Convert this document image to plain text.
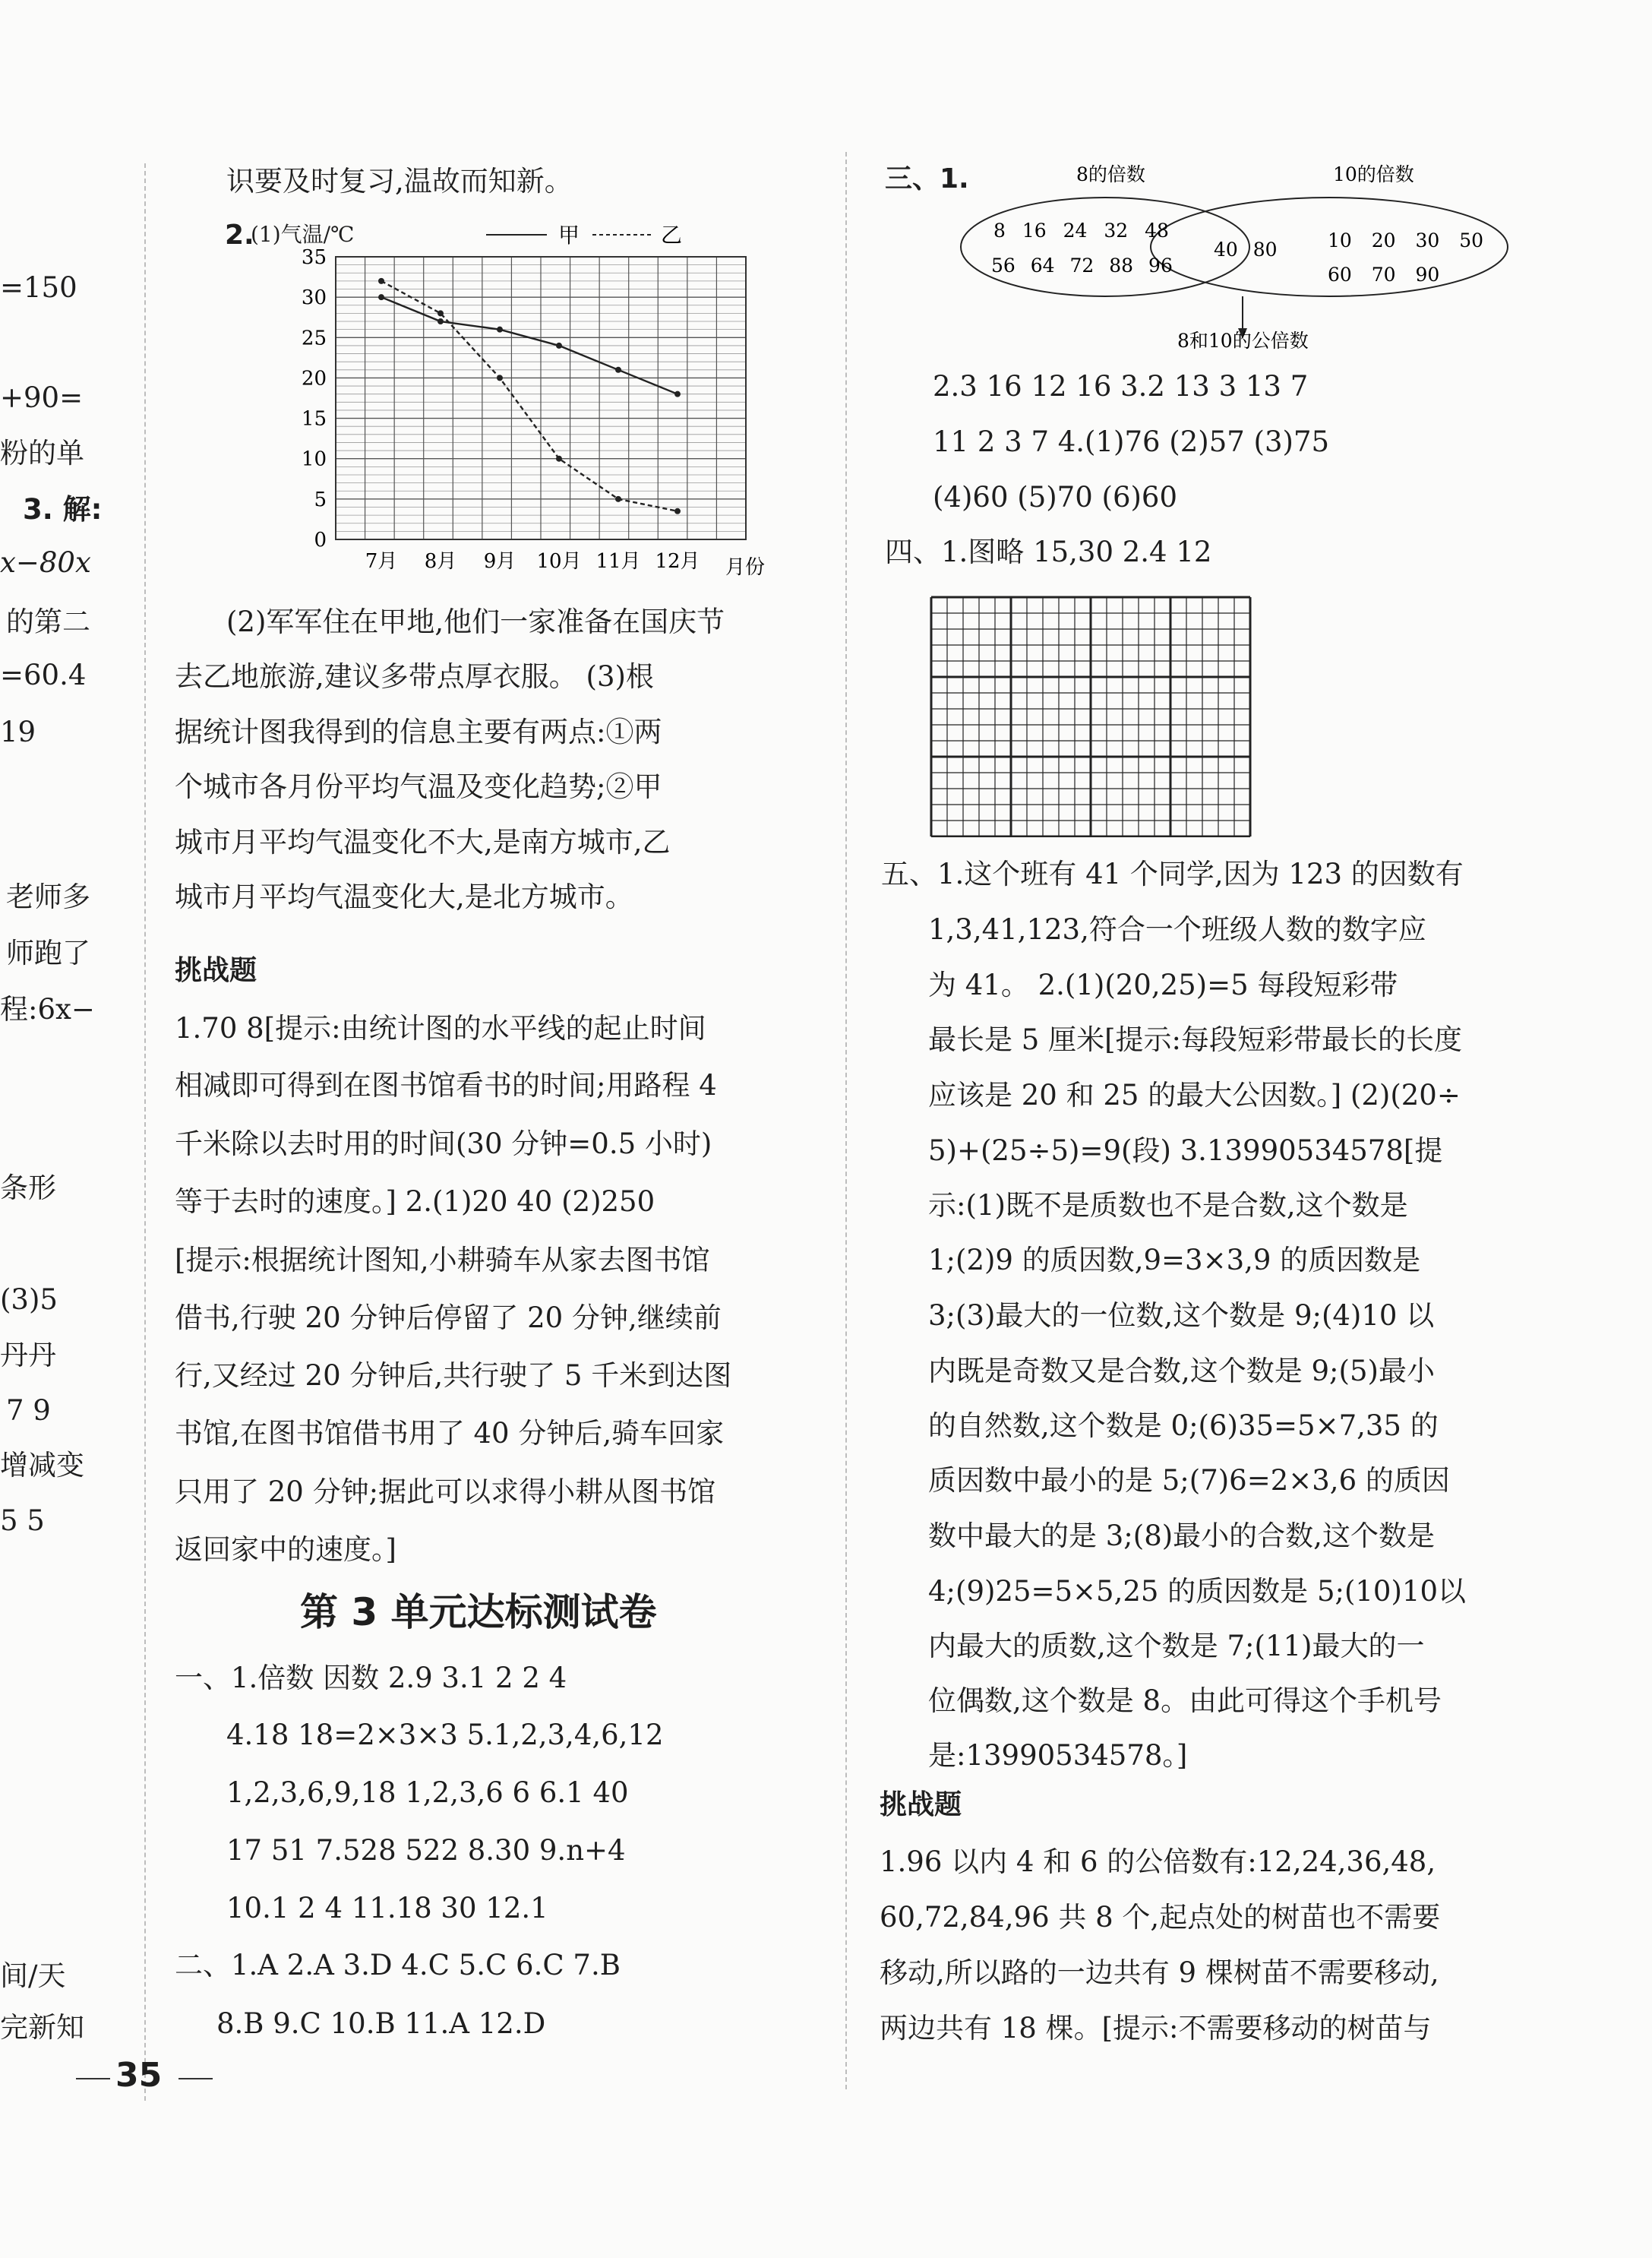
=150
+90=
粉的单
3. 解:
x−80x
的第二
=60.4
19
老师多
师跑了
程:6x−
条形
(3)5
丹丹
7 9
增减变
5 5
间/天
完新知
35
识要及时复习,温故而知新。
2.
(1)气温/℃	甲	乙
0
5
10
15
20
25
30
35
7月 8月 9月 10月 11月 12月 月份
(2)军军住在甲地,他们一家准备在国庆节
去乙地旅游,建议多带点厚衣服。 (3)根
据统计图我得到的信息主要有两点:①两
个城市各月份平均气温及变化趋势;②甲
城市月平均气温变化不大,是南方城市,乙
城市月平均气温变化大,是北方城市。
挑战题
1.70 8[提示:由统计图的水平线的起止时间
相减即可得到在图书馆看书的时间;用路程 4
千米除以去时用的时间(30 分钟=0.5 小时)
等于去时的速度。] 2.(1)20 40 (2)250
[提示:根据统计图知,小耕骑车从家去图书馆
借书,行驶 20 分钟后停留了 20 分钟,继续前
行,又经过 20 分钟后,共行驶了 5 千米到达图
书馆,在图书馆借书用了 40 分钟后,骑车回家
只用了 20 分钟;据此可以求得小耕从图书馆
返回家中的速度。]
第 3 单元达标测试卷
一、1.倍数 因数 2.9 3.1 2 2 4
4.18 18=2×3×3 5.1,2,3,4,6,12
1,2,3,6,9,18 1,2,3,6 6 6.1 40
17 51 7.528 522 8.30 9.n+4
10.1 2 4 11.18 30 12.1
二、1.A 2.A 3.D 4.C 5.C 6.C 7.B
8.B 9.C 10.B 11.A 12.D
三、1.	8的倍数	10的倍数
8 16 24 32 48
56 64 72 88 96
40 80	10 20 30 50
60 70 90
8和10的公倍数
2.3 16 12 16 3.2 13 3 13 7
11 2 3 7 4.(1)76 (2)57 (3)75
(4)60 (5)70 (6)60
四、1.图略 15,30 2.4 12
五、1.这个班有 41 个同学,因为 123 的因数有
1,3,41,123,符合一个班级人数的数字应
为 41。 2.(1)(20,25)=5 每段短彩带
最长是 5 厘米[提示:每段短彩带最长的长度
应该是 20 和 25 的最大公因数。] (2)(20÷
5)+(25÷5)=9(段) 3.13990534578[提
示:(1)既不是质数也不是合数,这个数是
1;(2)9 的质因数,9=3×3,9 的质因数是
3;(3)最大的一位数,这个数是 9;(4)10 以
内既是奇数又是合数,这个数是 9;(5)最小
的自然数,这个数是 0;(6)35=5×7,35 的
质因数中最小的是 5;(7)6=2×3,6 的质因
数中最大的是 3;(8)最小的合数,这个数是
4;(9)25=5×5,25 的质因数是 5;(10)10以
内最大的质数,这个数是 7;(11)最大的一
位偶数,这个数是 8。由此可得这个手机号
是:13990534578。]
挑战题
1.96 以内 4 和 6 的公倍数有:12,24,36,48,
60,72,84,96 共 8 个,起点处的树苗也不需要
移动,所以路的一边共有 9 棵树苗不需要移动,
两边共有 18 棵。[提示:不需要移动的树苗与
